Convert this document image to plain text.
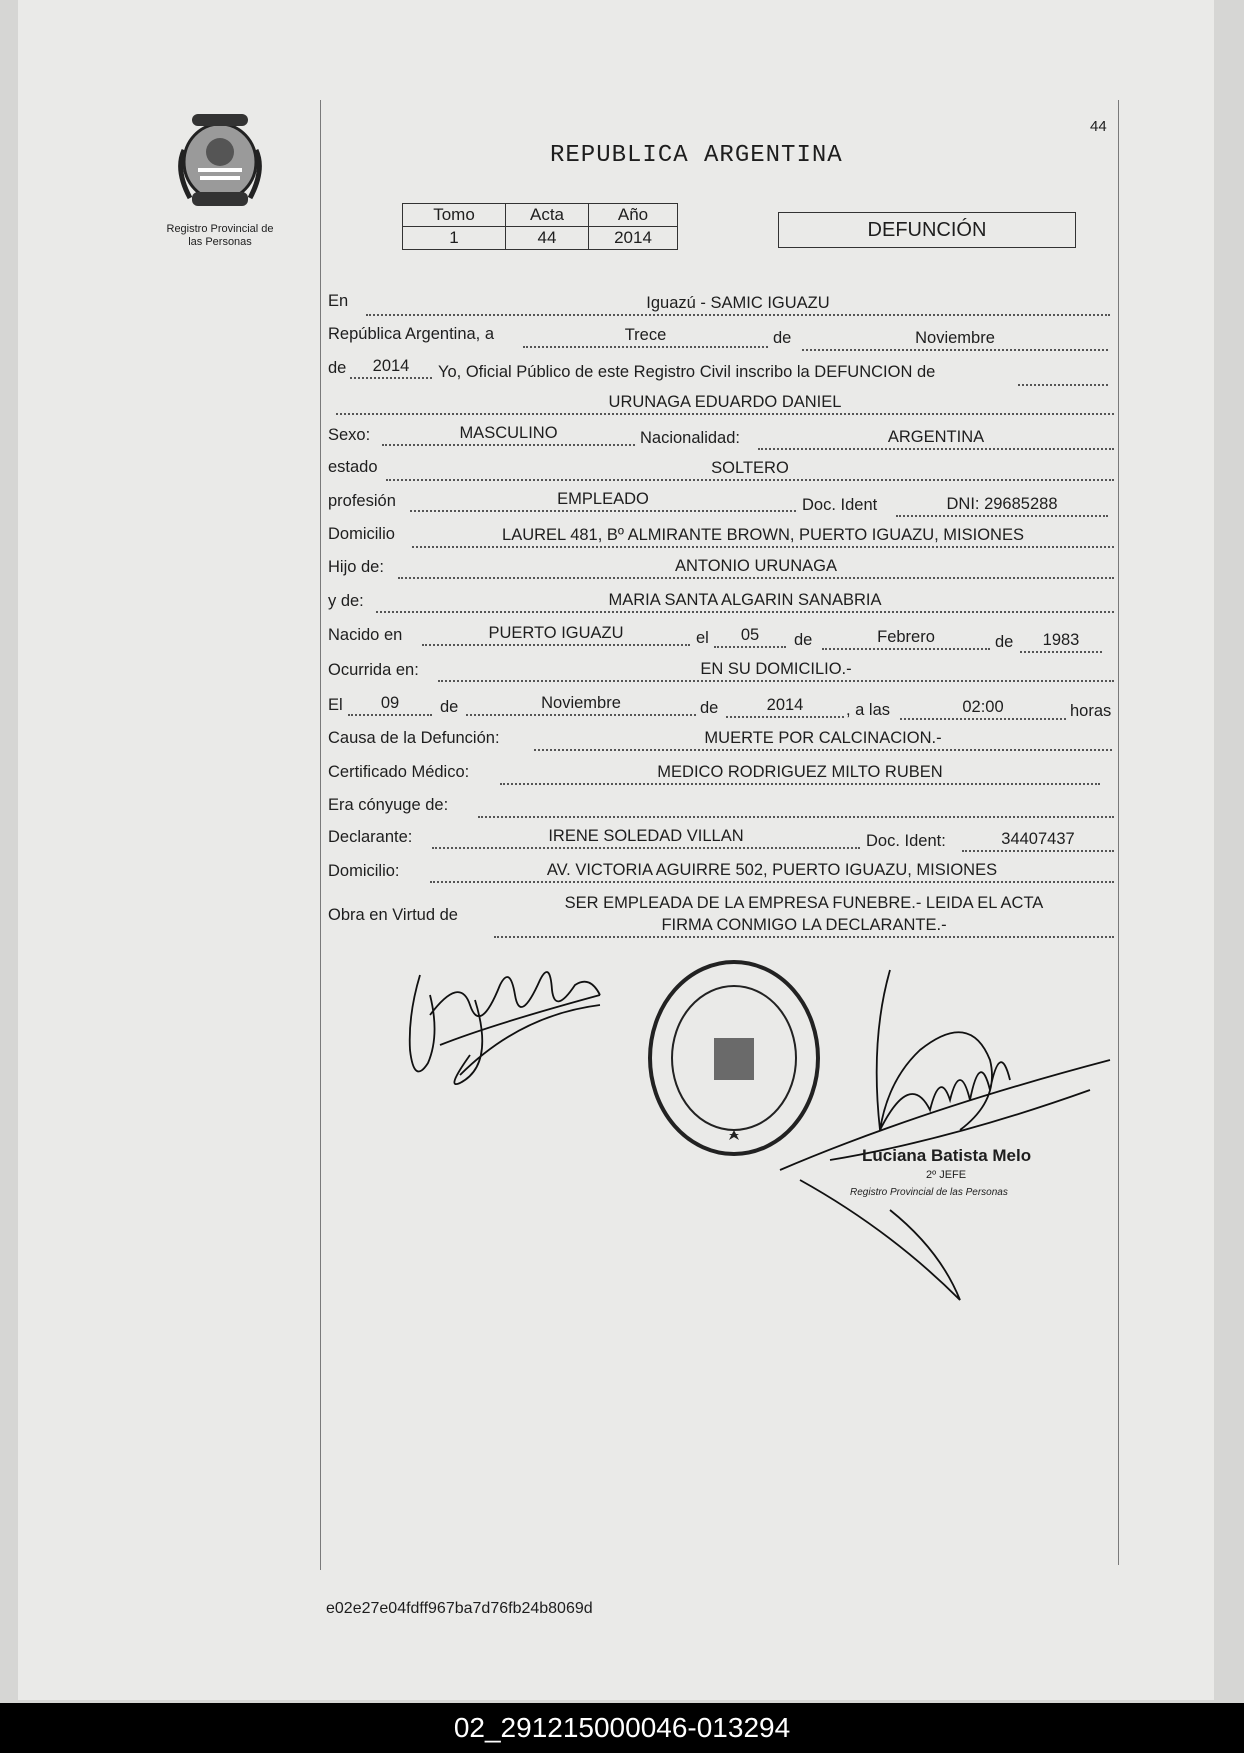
Registro Provincial de
las Personas
44
REPUBLICA ARGENTINA
Tomo	Acta	Año
1	44	2014	DEFUNCIÓN
En	Iguazú - SAMIC IGUAZU
República Argentina, a	Trece	de	Noviembre
de	2014	Yo, Oficial Público de este Registro Civil inscribo la DEFUNCION de
URUNAGA EDUARDO DANIEL
Sexo:	MASCULINO	Nacionalidad:	ARGENTINA
estado	SOLTERO
profesión	EMPLEADO	Doc. Ident	DNI: 29685288
Domicilio	LAUREL 481, Bº ALMIRANTE BROWN, PUERTO IGUAZU, MISIONES
Hijo de:	ANTONIO URUNAGA
y de:	MARIA SANTA ALGARIN SANABRIA
Nacido en	PUERTO IGUAZU	el	05	de	Febrero	de	1983
Ocurrida en:	EN SU DOMICILIO.-
El	09	de	Noviembre	de	2014	, a las	02:00	horas
Causa de la Defunción:	MUERTE POR CALCINACION.-
Certificado Médico:	MEDICO RODRIGUEZ MILTO RUBEN
Era cónyuge de:
Declarante:	IRENE SOLEDAD VILLAN	Doc. Ident:	34407437
Domicilio:	AV. VICTORIA AGUIRRE 502, PUERTO IGUAZU, MISIONES
Obra en Virtud de
SER EMPLEADA DE LA EMPRESA FUNEBRE.- LEIDA EL ACTA
FIRMA CONMIGO LA DECLARANTE.-
Luciana Batista Melo
2º JEFE
Registro Provincial de las Personas
e02e27e04fdff967ba7d76fb24b8069d
02_291215000046-013294
